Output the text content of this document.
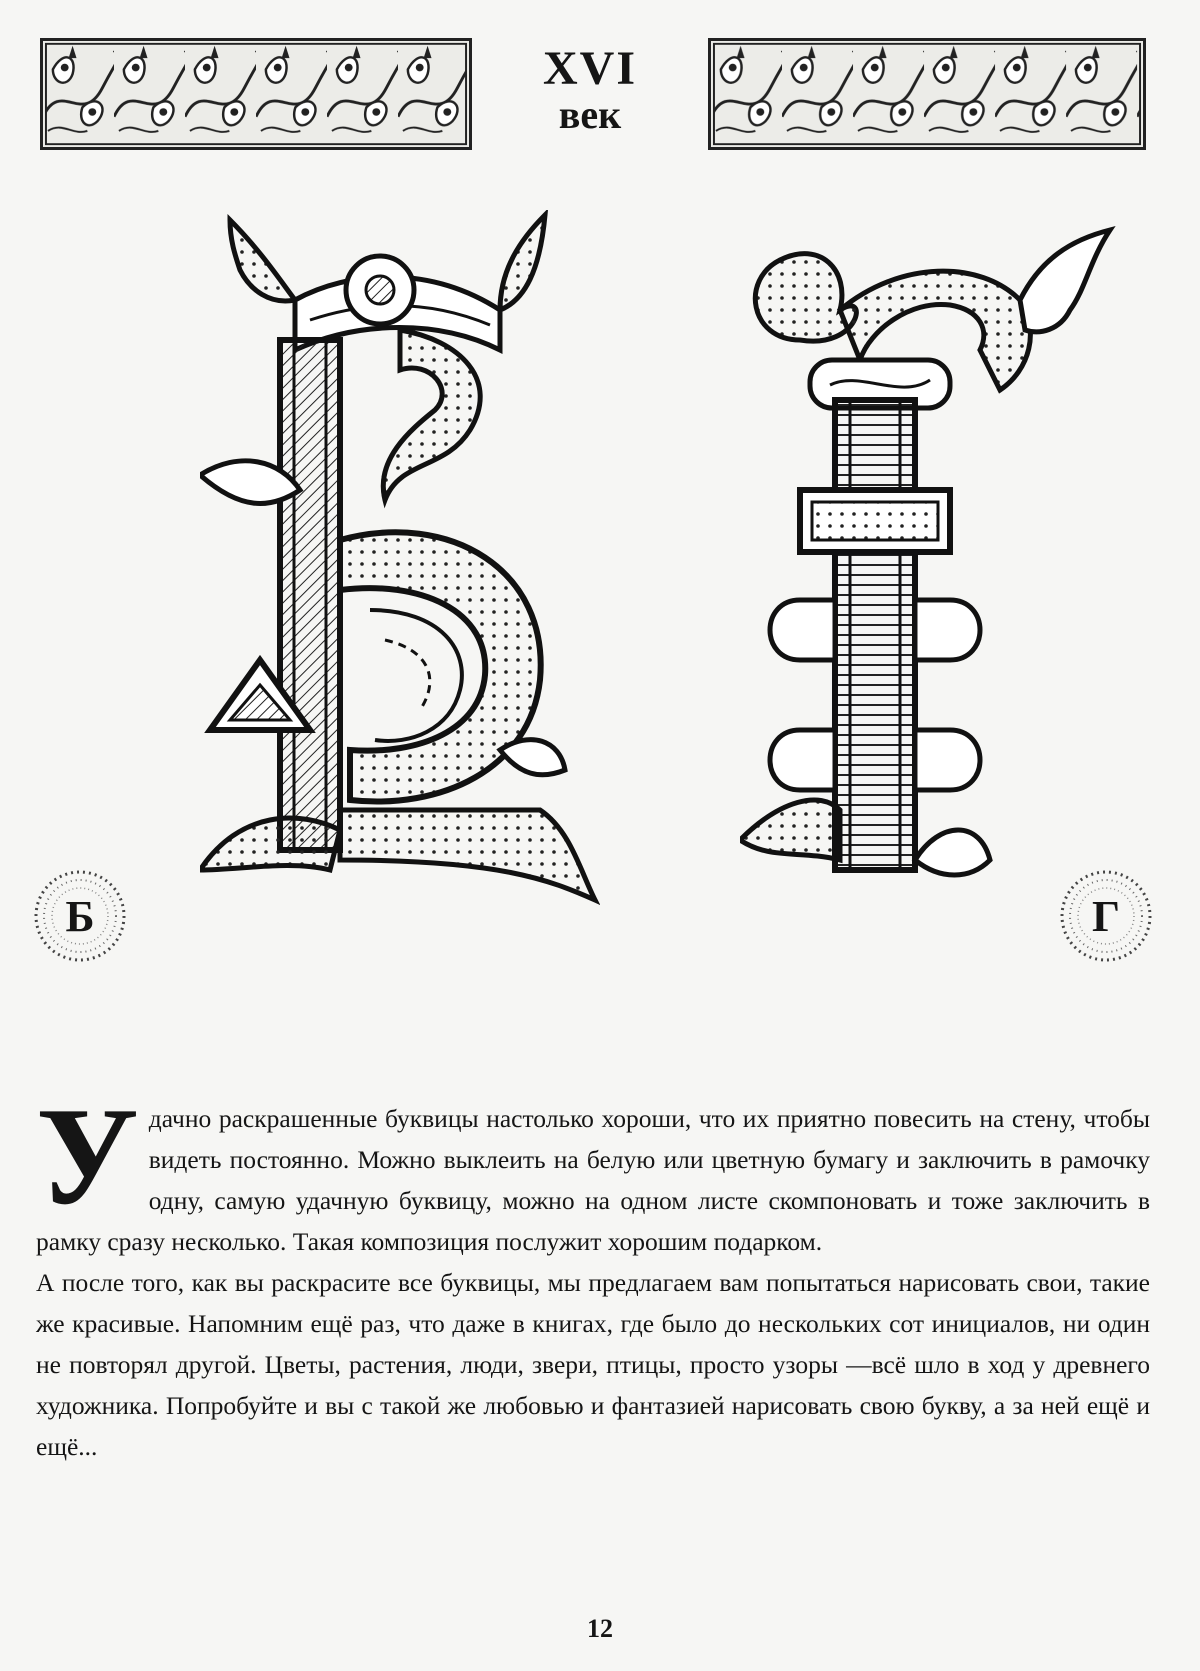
XVI
век
Б	Г

Удачно раскрашенные буквицы настолько хороши, что их приятно повесить на стену, чтобы видеть постоянно. Можно выклеить на белую или цветную бумагу и заключить в рамочку одну, самую удачную буквицу, можно на одном листе скомпоновать и тоже заключить в рамку сразу несколько. Такая композиция послужит хорошим подарком.

А после того, как вы раскрасите все буквицы, мы предлагаем вам попытаться нарисовать свои, такие же красивые. Напомним ещё раз, что даже в книгах, где было до нескольких сот инициалов, ни один не повторял другой. Цветы, растения, люди, звери, птицы, просто узоры —всё шло в ход у древнего художника. Попробуйте и вы с такой же любовью и фантазией нарисовать свою букву, а за ней ещё и ещё...

12
